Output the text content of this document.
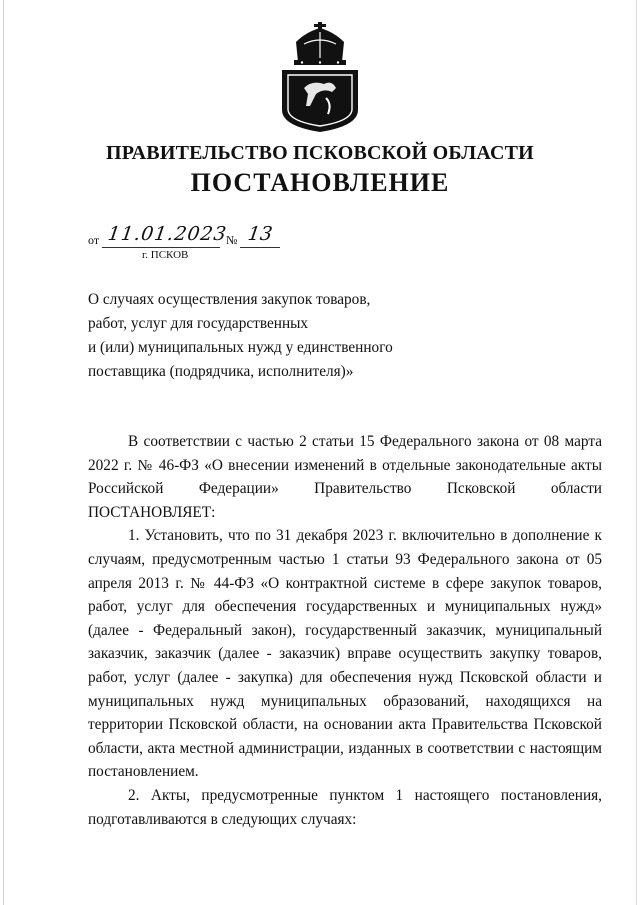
ПРАВИТЕЛЬСТВО ПСКОВСКОЙ ОБЛАСТИ
ПОСТАНОВЛЕНИЕ
от 11.01.2023
№ 13
г. ПСКОВ
О случаях осуществления закупок товаров,
работ, услуг для государственных
и (или) муниципальных нужд у единственного
поставщика (подрядчика, исполнителя)»

В соответствии с частью 2 статьи 15 Федерального закона от 08 марта 2022 г. № 46-ФЗ «О внесении изменений в отдельные законодательные акты Российской Федерации» Правительство Псковской области ПОСТАНОВЛЯЕТ:

1. Установить, что по 31 декабря 2023 г. включительно в дополнение к случаям, предусмотренным частью 1 статьи 93 Федерального закона от 05 апреля 2013 г. № 44-ФЗ «О контрактной системе в сфере закупок товаров, работ, услуг для обеспечения государственных и муниципальных нужд» (далее - Федеральный закон), государственный заказчик, муниципальный заказчик, заказчик (далее - заказчик) вправе осуществить закупку товаров, работ, услуг (далее - закупка) для обеспечения нужд Псковской области и муниципальных нужд муниципальных образований, находящихся на территории Псковской области, на основании акта Правительства Псковской области, акта местной администрации, изданных в соответствии с настоящим постановлением.

2. Акты, предусмотренные пунктом 1 настоящего постановления, подготавливаются в следующих случаях:
